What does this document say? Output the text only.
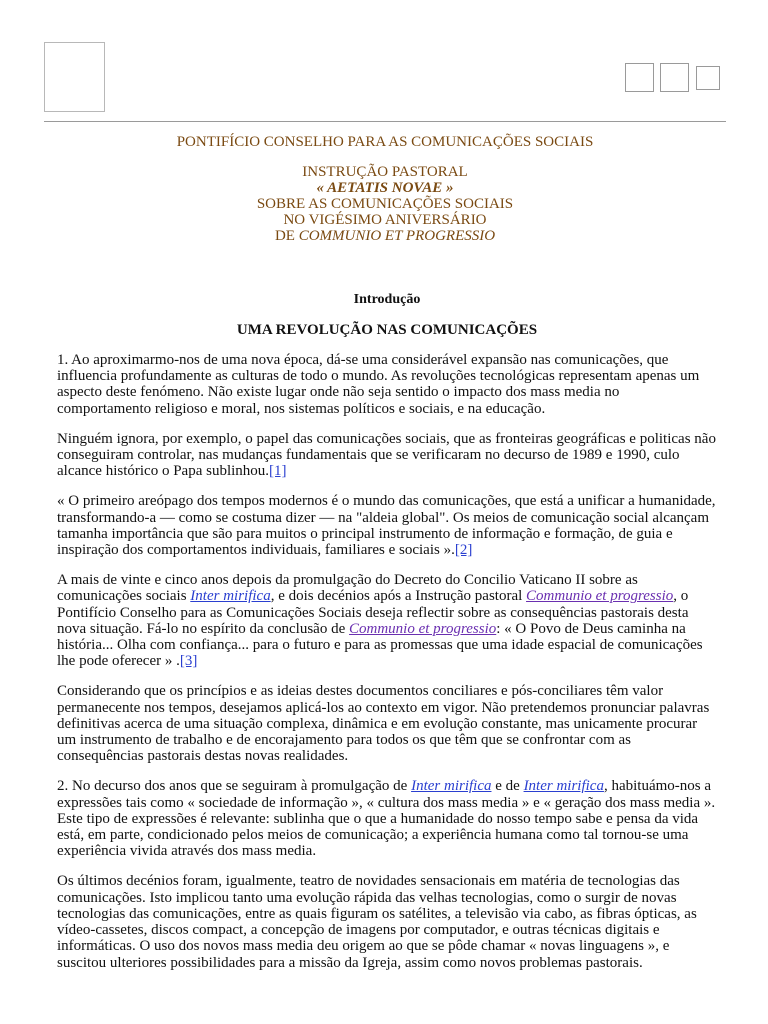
PONTIFÍCIO CONSELHO PARA AS COMUNICAÇÕES SOCIAIS
INSTRUÇÃO PASTORAL
« AETATIS NOVAE »
SOBRE AS COMUNICAÇÕES SOCIAIS
NO VIGÉSIMO ANIVERSÁRIO
DE COMMUNIO ET PROGRESSIO
Introdução
UMA REVOLUÇÃO NAS COMUNICAÇÕES

1. Ao aproximarmo-nos de uma nova época, dá-se uma considerável expansão nas comunicações, que influencia profundamente as culturas de todo o mundo. As revoluções tecnológicas representam apenas um aspecto deste fenómeno. Não existe lugar onde não seja sentido o impacto dos mass media no comportamento religioso e moral, nos sistemas políticos e sociais, e na educação.

Ninguém ignora, por exemplo, o papel das comunicações sociais, que as fronteiras geográficas e politicas não conseguiram controlar, nas mudanças fundamentais que se verificaram no decurso de 1989 e 1990, culo alcance histórico o Papa sublinhou.[1]

« O primeiro areópago dos tempos modernos é o mundo das comunicações, que está a unificar a humanidade, transformando-a — como se costuma dizer — na "aldeia global". Os meios de comunicação social alcançam tamanha importância que são para muitos o principal instrumento de informação e formação, de guia e inspiração dos comportamentos individuais, familiares e sociais ».[2]

A mais de vinte e cinco anos depois da promulgação do Decreto do Concilio Vaticano II sobre as comunicações sociais Inter mirifica, e dois decénios após a Instrução pastoral Communio et progressio, o Pontifício Conselho para as Comunicações Sociais deseja reflectir sobre as consequências pastorais desta nova situação. Fá-lo no espírito da conclusão de Communio et progressio: « O Povo de Deus caminha na história... Olha com confiança... para o futuro e para as promessas que uma idade espacial de comunicações lhe pode oferecer » .[3]

Considerando que os princípios e as ideias destes documentos conciliares e pós-conciliares têm valor permanecente nos tempos, desejamos aplicá-los ao contexto em vigor. Não pretendemos pronunciar palavras definitivas acerca de uma situação complexa, dinâmica e em evolução constante, mas unicamente procurar um instrumento de trabalho e de encorajamento para todos os que têm que se confrontar com as consequências pastorais destas novas realidades.

2. No decurso dos anos que se seguiram à promulgação de Inter mirifica e de Inter mirifica, habituámo-nos a expressões tais como « sociedade de informação », « cultura dos mass media » e « geração dos mass media ». Este tipo de expressões é relevante: sublinha que o que a humanidade do nosso tempo sabe e pensa da vida está, em parte, condicionado pelos meios de comunicação; a experiência humana como tal tornou-se uma experiência vivida através dos mass media.

Os últimos decénios foram, igualmente, teatro de novidades sensacionais em matéria de tecnologias das comunicações. Isto implicou tanto uma evolução rápida das velhas tecnologias, como o surgir de novas tecnologias das comunicações, entre as quais figuram os satélites, a televisão via cabo, as fibras ópticas, as vídeo-cassetes, discos compact, a concepção de imagens por computador, e outras técnicas digitais e informáticas. O uso dos novos mass media deu origem ao que se pôde chamar « novas linguagens », e suscitou ulteriores possibilidades para a missão da Igreja, assim como novos problemas pastorais.
